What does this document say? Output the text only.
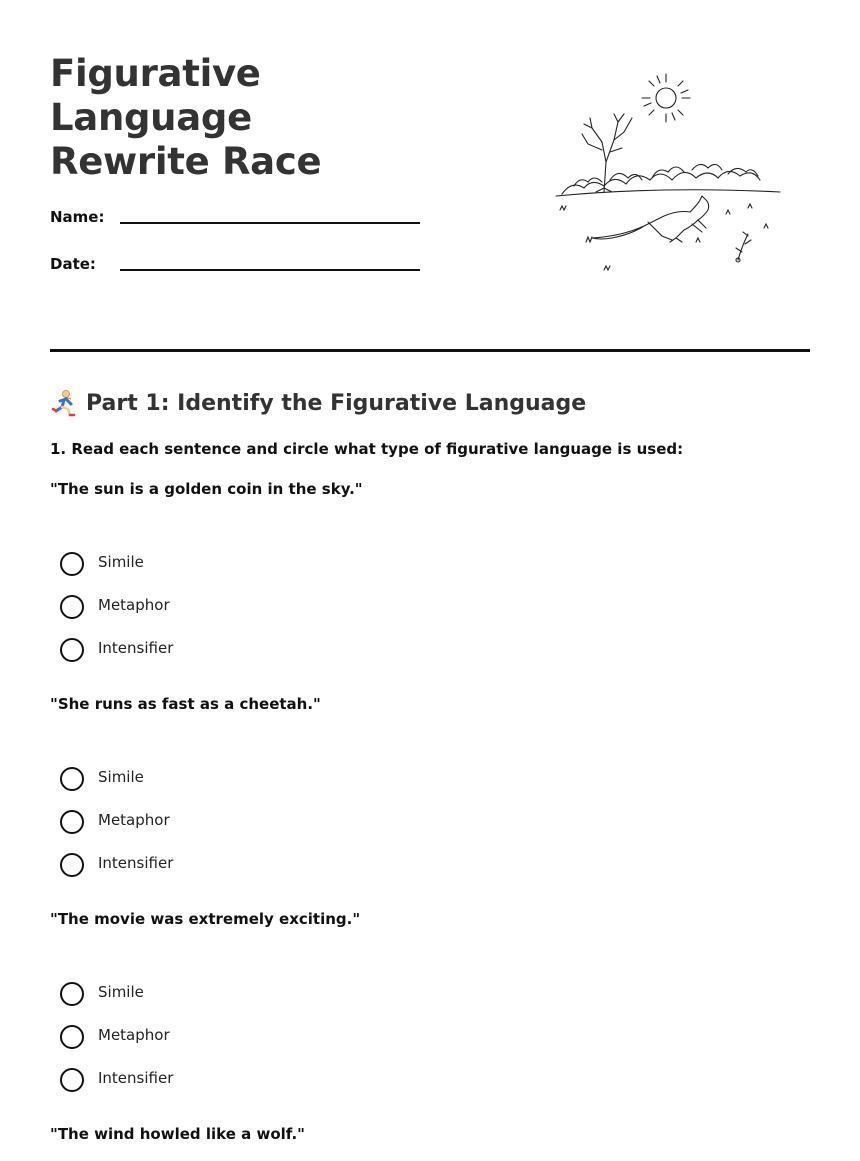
Figurative Language
Rewrite Race
Name:
Date:
Part 1: Identify the Figurative Language

1. Read each sentence and circle what type of figurative language is used:

"The sun is a golden coin in the sky."

Simile
Metaphor
Intensifier

"She runs as fast as a cheetah."

Simile
Metaphor
Intensifier

"The movie was extremely exciting."

Simile
Metaphor
Intensifier

"The wind howled like a wolf."
